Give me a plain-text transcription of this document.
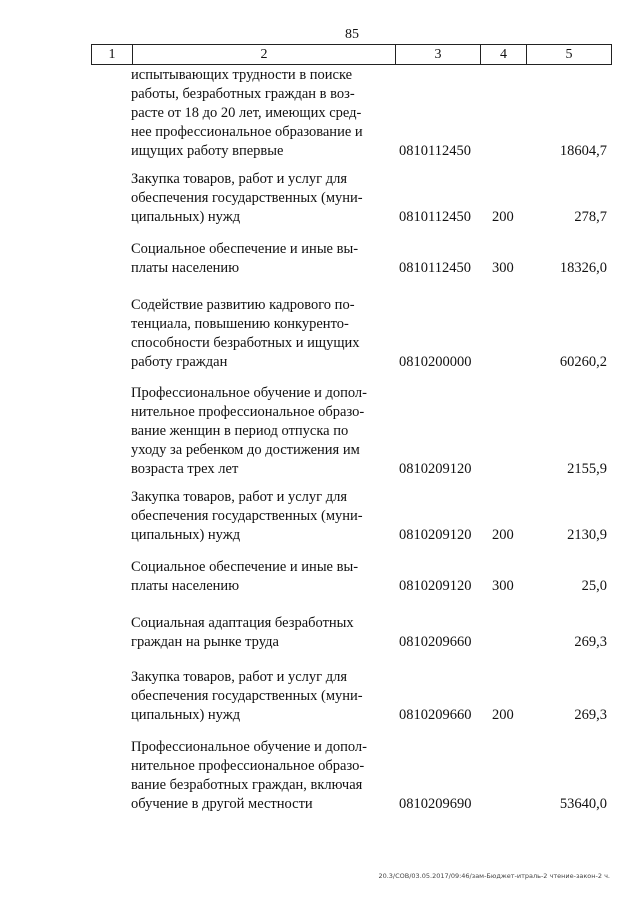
85
1	2	3	4	5
испытывающих трудности в поиске
работы, безработных граждан в воз-
расте от 18 до 20 лет, имеющих сред-
нее профессиональное образование и
ищущих работу впервые	0810112450	18604,7
Закупка товаров, работ и услуг для
обеспечения государственных (муни-
ципальных) нужд	0810112450 200	278,7
Социальное обеспечение и иные вы-
платы населению	0810112450 300	18326,0
Содействие развитию кадрового по-
тенциала, повышению конкуренто-
способности безработных и ищущих
работу граждан	0810200000	60260,2
Профессиональное обучение и допол-
нительное профессиональное образо-
вание женщин в период отпуска по
уходу за ребенком до достижения им
возраста трех лет	0810209120	2155,9
Закупка товаров, работ и услуг для
обеспечения государственных (муни-
ципальных) нужд	0810209120 200	2130,9
Социальное обеспечение и иные вы-
платы населению	0810209120 300	25,0
Социальная адаптация безработных
граждан на рынке труда	0810209660	269,3
Закупка товаров, работ и услуг для
обеспечения государственных (муни-
ципальных) нужд	0810209660 200	269,3
Профессиональное обучение и допол-
нительное профессиональное образо-
вание безработных граждан, включая
обучение в другой местности	0810209690	53640,0
20.3/СОВ/03.05.2017/09:46/зам-Бюджет-итраль-2 чтение-закон-2 ч.
